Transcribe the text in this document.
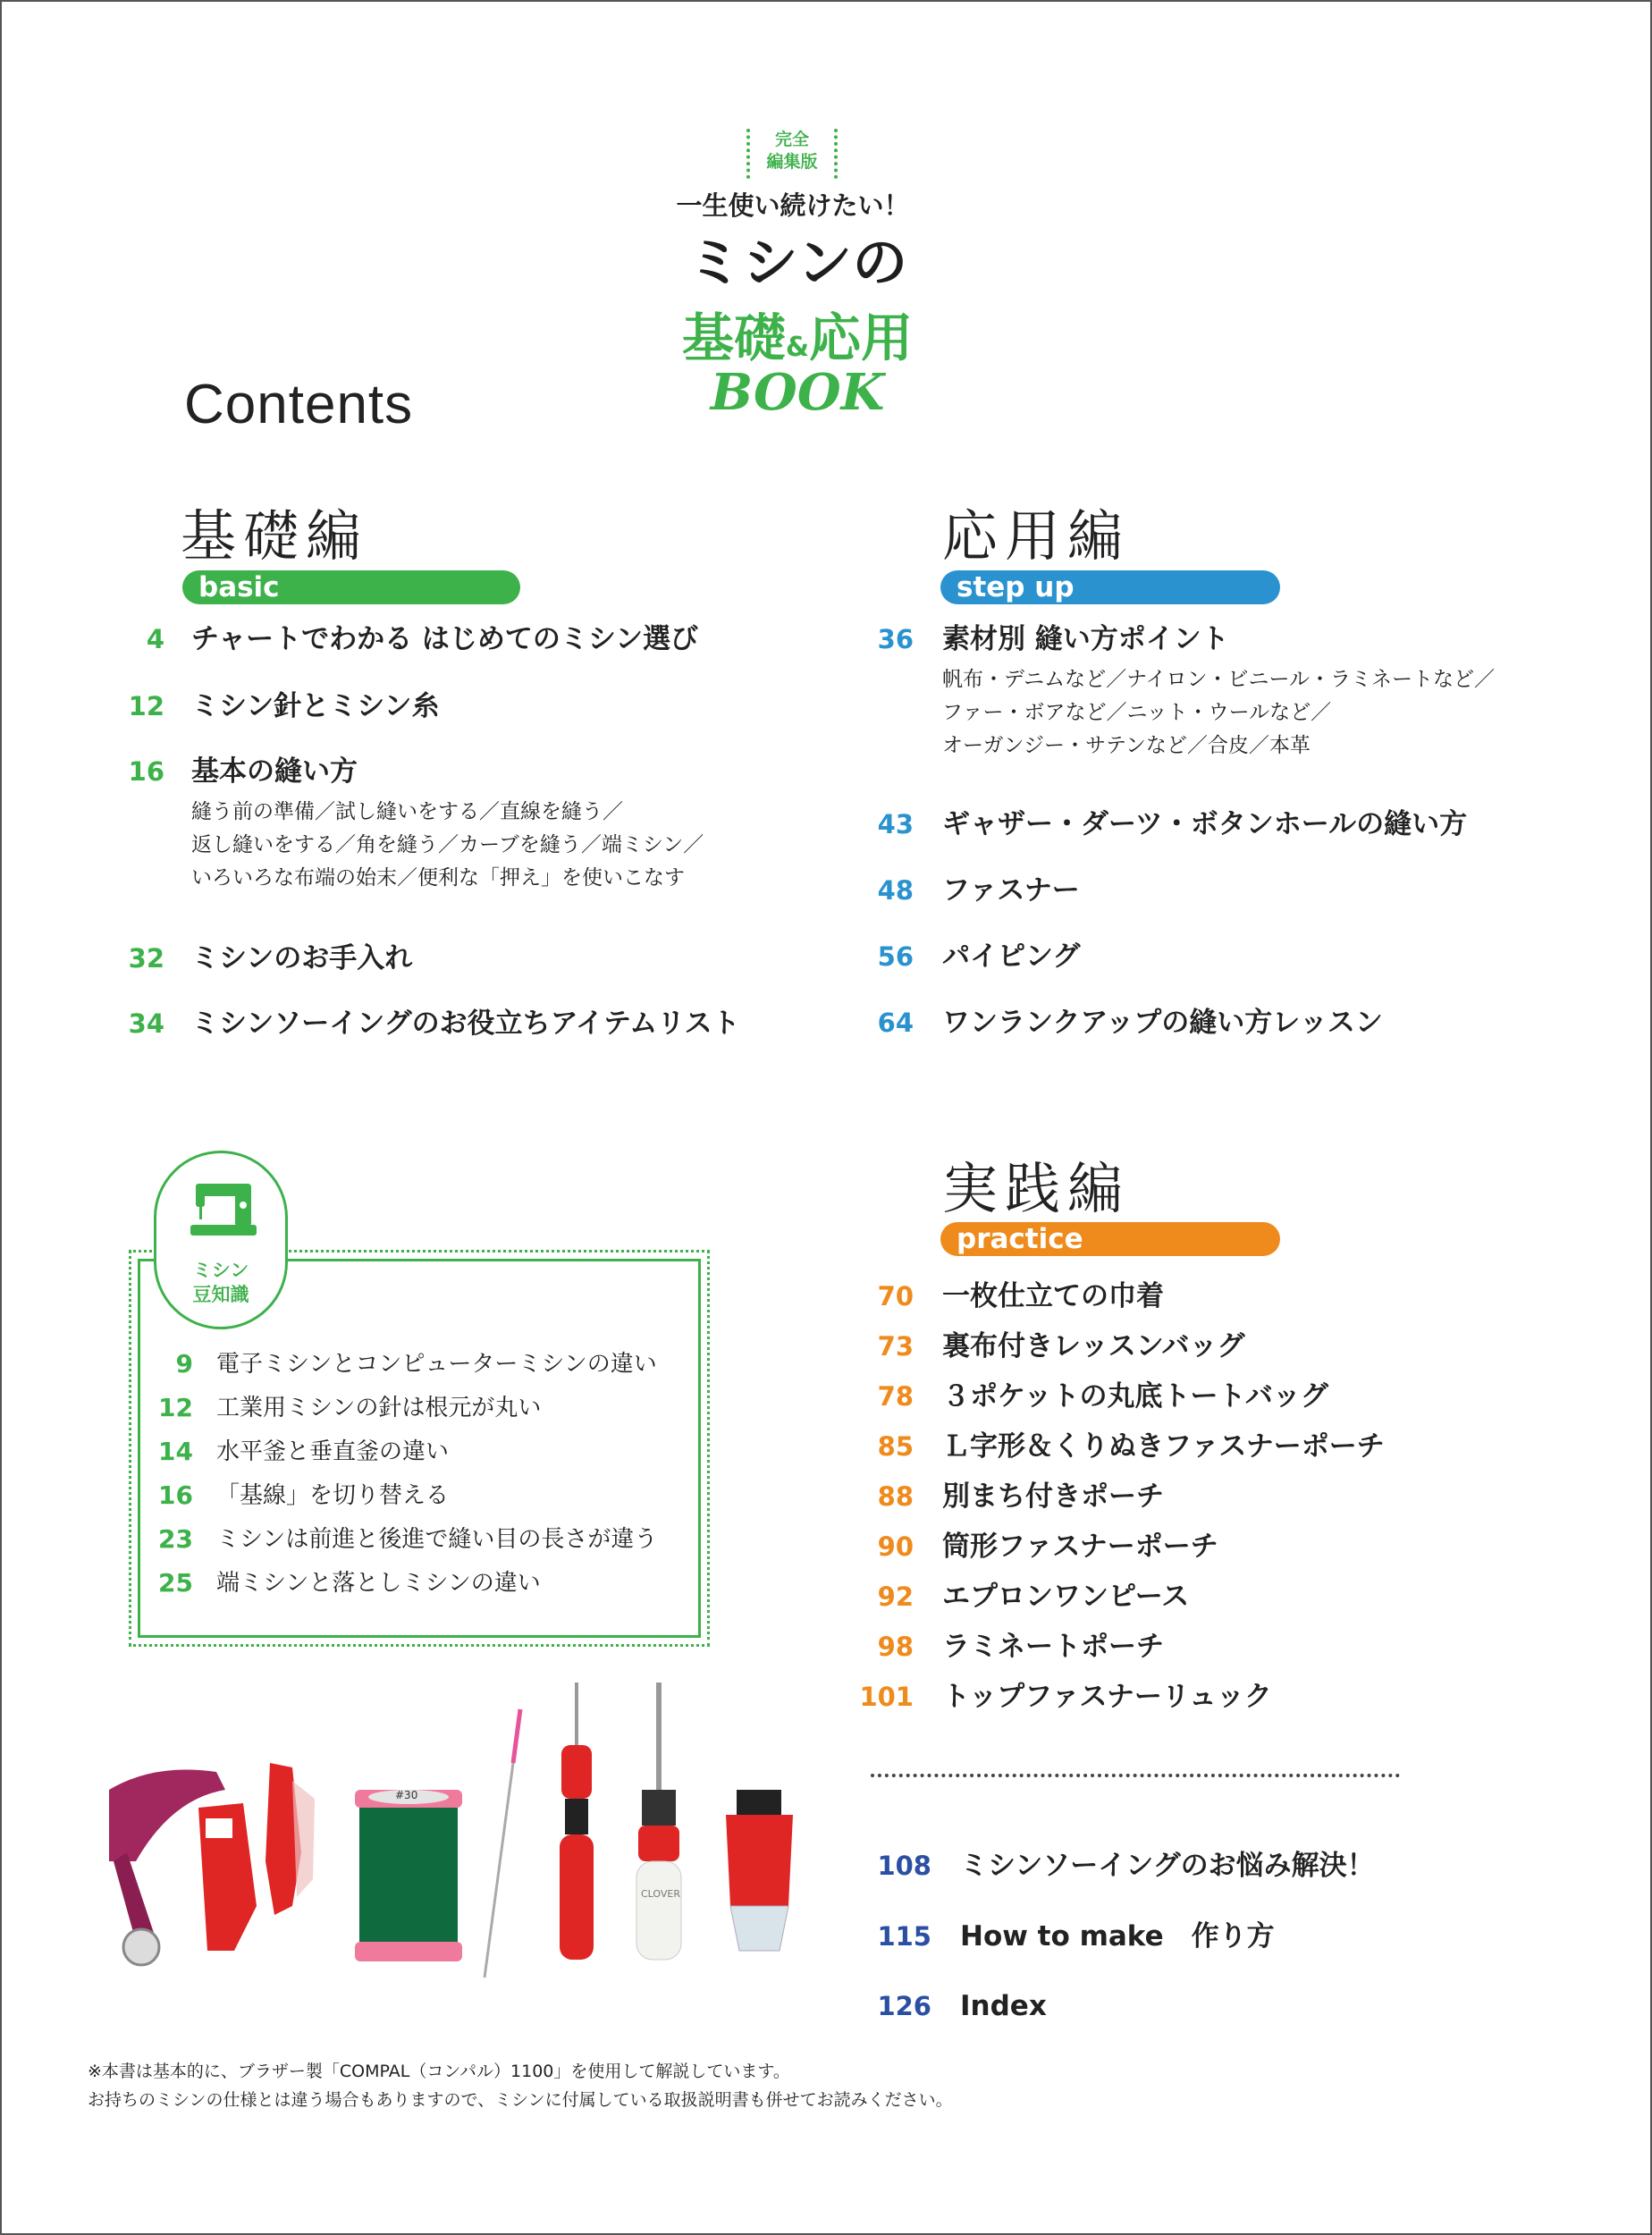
完全
編集版
一生使い続けたい！
ミシンの
基礎&応用
BOOK
Contents
基礎編
basic
4 チャートでわかる はじめてのミシン選び
12 ミシン針とミシン糸
16 基本の縫い方
縫う前の準備／試し縫いをする／直線を縫う／
返し縫いをする／角を縫う／カーブを縫う／端ミシン／
いろいろな布端の始末／便利な「押え」を使いこなす
32 ミシンのお手入れ
34 ミシンソーイングのお役立ちアイテムリスト
応用編
step up
36 素材別 縫い方ポイント
帆布・デニムなど／ナイロン・ビニール・ラミネートなど／
ファー・ボアなど／ニット・ウールなど／
オーガンジー・サテンなど／合皮／本革
43 ギャザー・ダーツ・ボタンホールの縫い方
48 ファスナー
56 パイピング
64 ワンランクアップの縫い方レッスン
実践編
practice
70 一枚仕立ての巾着
73 裏布付きレッスンバッグ
78 ３ポケットの丸底トートバッグ
85 Ｌ字形＆くりぬきファスナーポーチ
88 別まち付きポーチ
90 筒形ファスナーポーチ
92 エプロンワンピース
98 ラミネートポーチ
101 トップファスナーリュック
108 ミシンソーイングのお悩み解決！
115 How to make　作り方
126 Index
ミシン
豆知識
9 電子ミシンとコンピューターミシンの違い
12 工業用ミシンの針は根元が丸い
14 水平釜と垂直釜の違い
16 「基線」を切り替える
23 ミシンは前進と後進で縫い目の長さが違う
25 端ミシンと落としミシンの違い
#30
CLOVER
※本書は基本的に、ブラザー製「COMPAL（コンパル）1100」を使用して解説しています。
お持ちのミシンの仕様とは違う場合もありますので、ミシンに付属している取扱説明書も併せてお読みください。
